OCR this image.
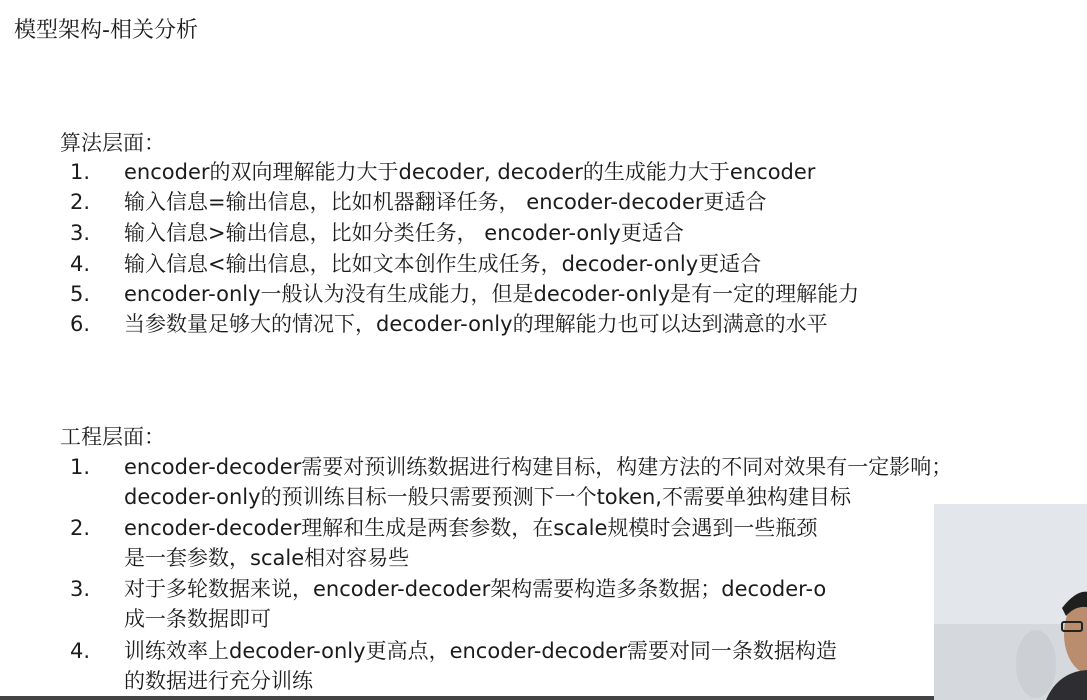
模型架构-相关分析
算法层面：
1.	encoder的双向理解能力大于decoder, decoder的生成能力大于encoder
2.	输入信息=输出信息，比如机器翻译任务， encoder-decoder更适合
3.	输入信息>输出信息，比如分类任务， encoder-only更适合
4.	输入信息<输出信息，比如文本创作生成任务，decoder-only更适合
5.	encoder-only一般认为没有生成能力，但是decoder-only是有一定的理解能力
6.	当参数量足够大的情况下，decoder-only的理解能力也可以达到满意的水平
工程层面：
1.	encoder-decoder需要对预训练数据进行构建目标，构建方法的不同对效果有一定影响；
decoder-only的预训练目标一般只需要预测下一个token,不需要单独构建目标
2.	encoder-decoder理解和生成是两套参数，在scale规模时会遇到一些瓶颈
是一套参数，scale相对容易些
3.	对于多轮数据来说，encoder-decoder架构需要构造多条数据；decoder-o
成一条数据即可
4.	训练效率上decoder-only更高点，encoder-decoder需要对同一条数据构造
的数据进行充分训练
